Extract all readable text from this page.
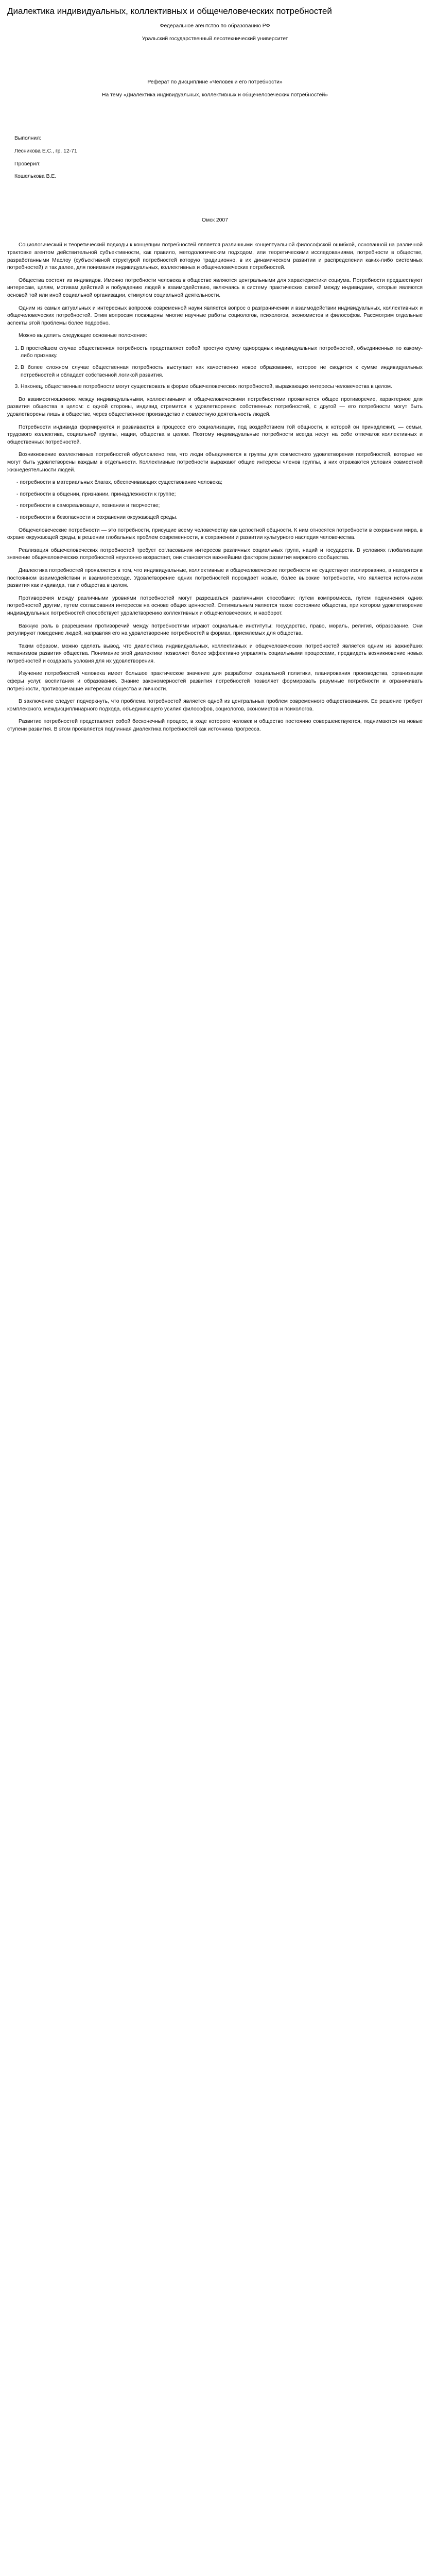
Диалектика индивидуальных, коллективных и общечеловеческих потребностей

Федеральное агентство по образованию РФ

Уральский государственный лесотехнический университет

Реферат по дисциплине «Человек и его потребности»

На тему «Диалектика индивидуальных, коллективных и общечеловеческих потребностей»

Выполнил:

Лесникова Е.С., гр. 12-71

Проверил:

Кошелькова В.Е.

Омск 2007

Социологический и теоретический подходы к концепции потребностей является различными концептуальной философской ошибкой, основанной на различной трактовке агентом действительной субъективности, как правило, методологическим подходом, или теоретическими исследованиями, потребности в обществе, разработанными Маслоу (субъективной структурой потребностей которую традиционно, в их динамическом развитии и распределении каких-либо системных потребностей) и так далее, для понимания индивидуальных, коллективных и общечеловеческих потребностей.

Общества состоят из индивидов. Именно потребности человека в обществе являются центральными для характеристики социума. Потребности предшествуют интересам, целям, мотивам действий и побуждению людей к взаимодействию, включаясь в систему практических связей между индивидами, которые являются основой той или иной социальной организации, стимулом социальной деятельности.

Одним из самых актуальных и интересных вопросов современной науки является вопрос о разграничении и взаимодействии индивидуальных, коллективных и общечеловеческих потребностей. Этим вопросам посвящены многие научные работы социологов, психологов, экономистов и философов. Рассмотрим отдельные аспекты этой проблемы более подробно.

Можно выделить следующие основные положения:

1. В простейшем случае общественная потребность представляет собой простую сумму однородных индивидуальных потребностей, объединенных по какому-либо признаку.
2. В более сложном случае общественная потребность выступает как качественно новое образование, которое не сводится к сумме индивидуальных потребностей и обладает собственной логикой развития.
3. Наконец, общественные потребности могут существовать в форме общечеловеческих потребностей, выражающих интересы человечества в целом.

Во взаимоотношениях между индивидуальными, коллективными и общечеловеческими потребностями проявляется общее противоречие, характерное для развития общества в целом: с одной стороны, индивид стремится к удовлетворению собственных потребностей, с другой — его потребности могут быть удовлетворены лишь в обществе, через общественное производство и совместную деятельность людей.

Потребности индивида формируются и развиваются в процессе его социализации, под воздействием той общности, к которой он принадлежит, — семьи, трудового коллектива, социальной группы, нации, общества в целом. Поэтому индивидуальные потребности всегда несут на себе отпечаток коллективных и общественных потребностей.

Возникновение коллективных потребностей обусловлено тем, что люди объединяются в группы для совместного удовлетворения потребностей, которые не могут быть удовлетворены каждым в отдельности. Коллективные потребности выражают общие интересы членов группы, в них отражаются условия совместной жизнедеятельности людей.

- потребности в материальных благах, обеспечивающих существование человека;
- потребности в общении, признании, принадлежности к группе;
- потребности в самореализации, познании и творчестве;
- потребности в безопасности и сохранении окружающей среды.

Общечеловеческие потребности — это потребности, присущие всему человечеству как целостной общности. К ним относятся потребности в сохранении мира, в охране окружающей среды, в решении глобальных проблем современности, в сохранении и развитии культурного наследия человечества.

Реализация общечеловеческих потребностей требует согласования интересов различных социальных групп, наций и государств. В условиях глобализации значение общечеловеческих потребностей неуклонно возрастает, они становятся важнейшим фактором развития мирового сообщества.

Диалектика потребностей проявляется в том, что индивидуальные, коллективные и общечеловеческие потребности не существуют изолированно, а находятся в постоянном взаимодействии и взаимопереходе. Удовлетворение одних потребностей порождает новые, более высокие потребности, что является источником развития как индивида, так и общества в целом.

Противоречия между различными уровнями потребностей могут разрешаться различными способами: путем компромисса, путем подчинения одних потребностей другим, путем согласования интересов на основе общих ценностей. Оптимальным является такое состояние общества, при котором удовлетворение индивидуальных потребностей способствует удовлетворению коллективных и общечеловеческих, и наоборот.

Важную роль в разрешении противоречий между потребностями играют социальные институты: государство, право, мораль, религия, образование. Они регулируют поведение людей, направляя его на удовлетворение потребностей в формах, приемлемых для общества.

Таким образом, можно сделать вывод, что диалектика индивидуальных, коллективных и общечеловеческих потребностей является одним из важнейших механизмов развития общества. Понимание этой диалектики позволяет более эффективно управлять социальными процессами, предвидеть возникновение новых потребностей и создавать условия для их удовлетворения.

Изучение потребностей человека имеет большое практическое значение для разработки социальной политики, планирования производства, организации сферы услуг, воспитания и образования. Знание закономерностей развития потребностей позволяет формировать разумные потребности и ограничивать потребности, противоречащие интересам общества и личности.

В заключение следует подчеркнуть, что проблема потребностей является одной из центральных проблем современного обществознания. Ее решение требует комплексного, междисциплинарного подхода, объединяющего усилия философов, социологов, экономистов и психологов.

Развитие потребностей представляет собой бесконечный процесс, в ходе которого человек и общество постоянно совершенствуются, поднимаются на новые ступени развития. В этом проявляется подлинная диалектика потребностей как источника прогресса.
